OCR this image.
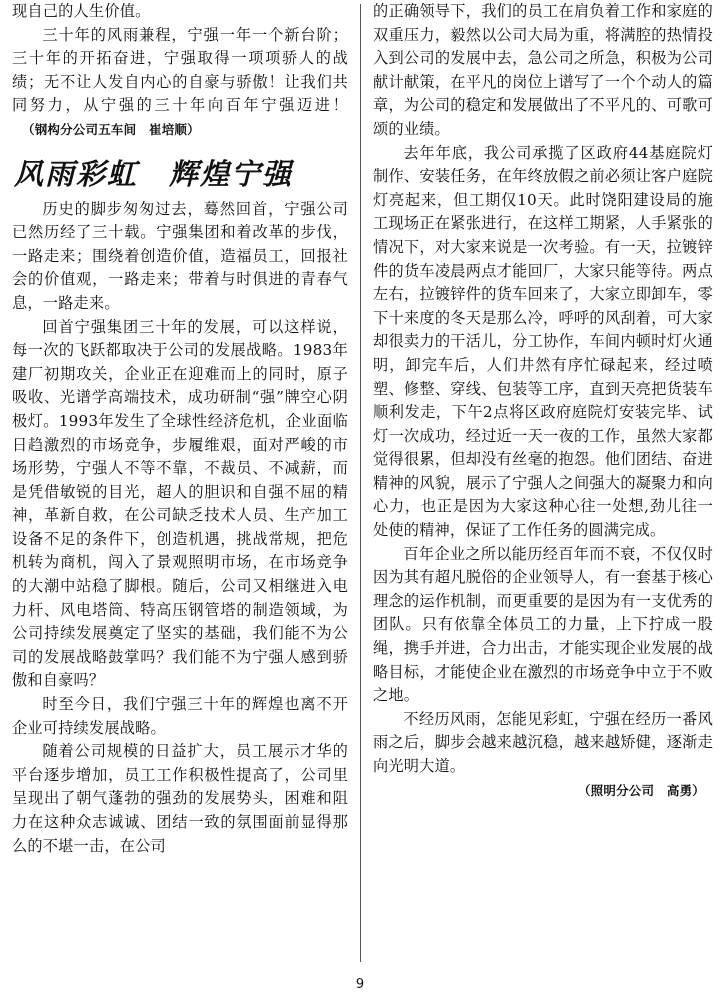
现自己的人生价值。

三十年的风雨兼程，宁强一年一个新台阶；三十年的开拓奋进，宁强取得一项项骄人的战绩；无不让人发自内心的自豪与骄傲！让我们共同努力，从宁强的三十年向百年宁强迈进！（钢构分公司五车间　崔培顺）

风雨彩虹　辉煌宁强

历史的脚步匆匆过去，蓦然回首，宁强公司已然历经了三十载。宁强集团和着改革的步伐，一路走来；围绕着创造价值，造福员工，回报社会的价值观，一路走来；带着与时俱进的青春气息，一路走来。

回首宁强集团三十年的发展，可以这样说，每一次的飞跃都取决于公司的发展战略。1983年建厂初期攻关，企业正在迎难而上的同时，原子吸收、光谱学高端技术，成功研制“强”牌空心阴极灯。1993年发生了全球性经济危机，企业面临日趋激烈的市场竞争，步履维艰，面对严峻的市场形势，宁强人不等不靠，不裁员、不减薪，而是凭借敏锐的目光，超人的胆识和自强不屈的精神，革新自救，在公司缺乏技术人员、生产加工设备不足的条件下，创造机遇，挑战常规，把危机转为商机，闯入了景观照明市场，在市场竞争的大潮中站稳了脚根。随后，公司又相继进入电力杆、风电塔筒、特高压钢管塔的制造领域，为公司持续发展奠定了坚实的基础，我们能不为公司的发展战略鼓掌吗？我们能不为宁强人感到骄傲和自豪吗？

时至今日，我们宁强三十年的辉煌也离不开企业可持续发展战略。

随着公司规模的日益扩大，员工展示才华的平台逐步增加，员工工作积极性提高了，公司里呈现出了朝气蓬勃的强劲的发展势头，困难和阻力在这种众志诚诚、团结一致的氛围面前显得那么的不堪一击，在公司

的正确领导下，我们的员工在肩负着工作和家庭的双重压力，毅然以公司大局为重，将满腔的热情投入到公司的发展中去，急公司之所急，积极为公司献计献策，在平凡的岗位上谱写了一个个动人的篇章，为公司的稳定和发展做出了不平凡的、可歌可颂的业绩。

去年年底，我公司承揽了区政府44基庭院灯制作、安装任务，在年终放假之前必须让客户庭院灯亮起来，但工期仅10天。此时饶阳建设局的施工现场正在紧张进行，在这样工期紧，人手紧张的情况下，对大家来说是一次考验。有一天，拉镀锌件的货车凌晨两点才能回厂，大家只能等待。两点左右，拉镀锌件的货车回来了，大家立即卸车，零下十来度的冬天是那么冷，呼呼的风刮着，可大家却很卖力的干活儿，分工协作，车间内顿时灯火通明，卸完车后，人们井然有序忙碌起来，经过喷塑、修整、穿线、包装等工序，直到天亮把货装车顺利发走，下午2点将区政府庭院灯安装完毕、试灯一次成功，经过近一天一夜的工作，虽然大家都觉得很累，但却没有丝毫的抱怨。他们团结、奋进精神的风貌，展示了宁强人之间强大的凝聚力和向心力，也正是因为大家这种心往一处想,劲儿往一处使的精神，保证了工作任务的圆满完成。

百年企业之所以能历经百年而不衰，不仅仅时因为其有超凡脱俗的企业领导人，有一套基于核心理念的运作机制，而更重要的是因为有一支优秀的团队。只有依靠全体员工的力量，上下拧成一股绳，携手并进，合力出击，才能实现企业发展的战略目标，才能使企业在激烈的市场竞争中立于不败之地。

不经历风雨，怎能见彩虹，宁强在经历一番风雨之后，脚步会越来越沉稳，越来越矫健，逐渐走向光明大道。

（照明分公司　高勇）
9
